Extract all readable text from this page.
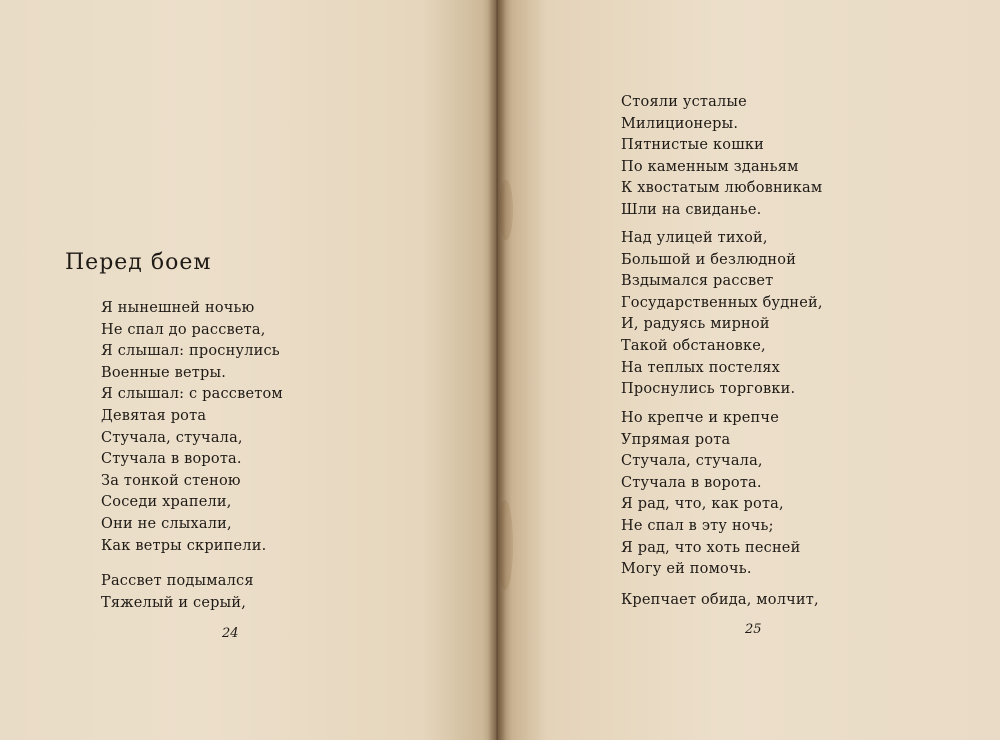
Перед боем
Я нынешней ночью
Не спал до рассвета,
Я слышал: проснулись
Военные ветры.
Я слышал: с рассветом
Девятая рота
Стучала, стучала,
Стучала в ворота.
За тонкой стеною
Соседи храпели,
Они не слыхали,
Как ветры скрипели.
Рассвет подымался
Тяжелый и серый,
24
Стояли усталые
Милиционеры.
Пятнистые кошки
По каменным зданьям
К хвостатым любовникам
Шли на свиданье.
Над улицей тихой,
Большой и безлюдной
Вздымался рассвет
Государственных будней,
И, радуясь мирной
Такой обстановке,
На теплых постелях
Проснулись торговки.
Но крепче и крепче
Упрямая рота
Стучала, стучала,
Стучала в ворота.
Я рад, что, как рота,
Не спал в эту ночь;
Я рад, что хоть песней
Могу ей помочь.
Крепчает обида, молчит,
25
